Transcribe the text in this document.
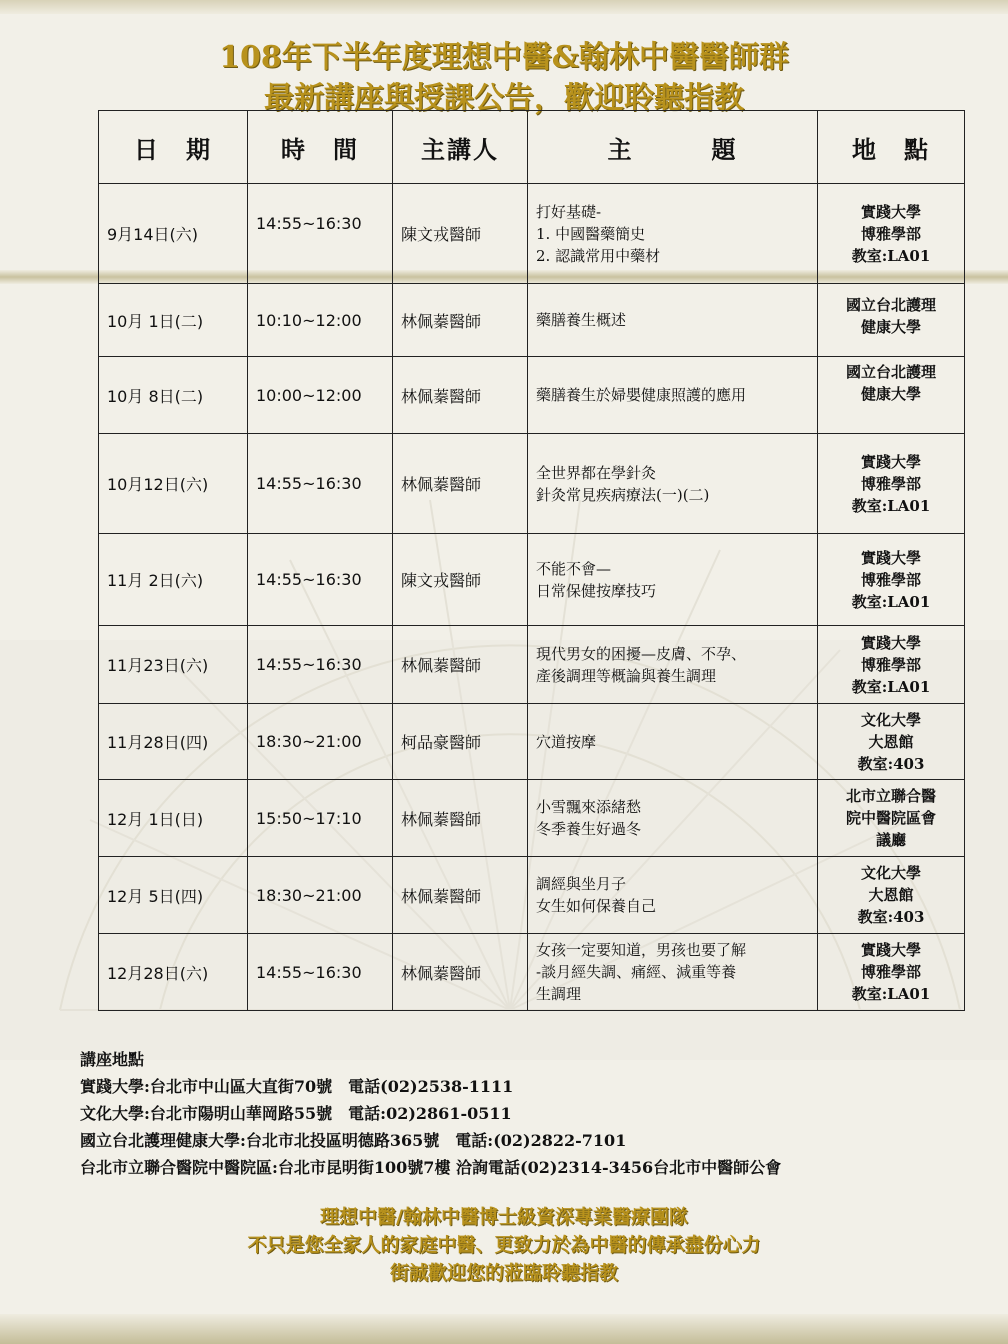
108年下半年度理想中醫&翰林中醫醫師群
最新講座與授課公告，歡迎聆聽指教
日　期	時　間	主講人	主　　　題	地　點
9月14日(六)	14:55~16:30	陳文戎醫師	打好基礎-
1. 中國醫藥簡史
2. 認識常用中藥材	實踐大學
博雅學部
教室:LA01

10月 1日(二)	10:10~12:00	林佩蓁醫師	藥膳養生概述	國立台北護理
健康大學

10月 8日(二)	10:00~12:00	林佩蓁醫師	藥膳養生於婦嬰健康照護的應用	國立台北護理
健康大學

10月12日(六)	14:55~16:30	林佩蓁醫師	全世界都在學針灸
針灸常見疾病療法(一)(二)	實踐大學
博雅學部
教室:LA01

11月 2日(六)	14:55~16:30	陳文戎醫師	不能不會—
日常保健按摩技巧	實踐大學
博雅學部
教室:LA01

11月23日(六)	14:55~16:30	林佩蓁醫師	現代男女的困擾—皮膚、不孕、
產後調理等概論與養生調理	實踐大學
博雅學部
教室:LA01

11月28日(四)	18:30~21:00	柯品豪醫師	穴道按摩	文化大學
大恩館
教室:403

12月 1日(日)	15:50~17:10	林佩蓁醫師	小雪飄來添緒愁
冬季養生好過冬	北市立聯合醫
院中醫院區會
議廳

12月 5日(四)	18:30~21:00	林佩蓁醫師	調經與坐月子
女生如何保養自己	文化大學
大恩館
教室:403

12月28日(六)	14:55~16:30	林佩蓁醫師	女孩一定要知道，男孩也要了解
-談月經失調、痛經、減重等養
生調理	實踐大學
博雅學部
教室:LA01
講座地點
實踐大學:台北市中山區大直街70號　電話(02)2538-1111
文化大學:台北市陽明山華岡路55號　電話:02)2861-0511
國立台北護理健康大學:台北市北投區明德路365號　電話:(02)2822-7101
台北市立聯合醫院中醫院區:台北市昆明街100號7樓 洽詢電話(02)2314-3456台北市中醫師公會
理想中醫/翰林中醫博士級資深專業醫療團隊
不只是您全家人的家庭中醫、更致力於為中醫的傳承盡份心力
街誠歡迎您的蒞臨聆聽指教
